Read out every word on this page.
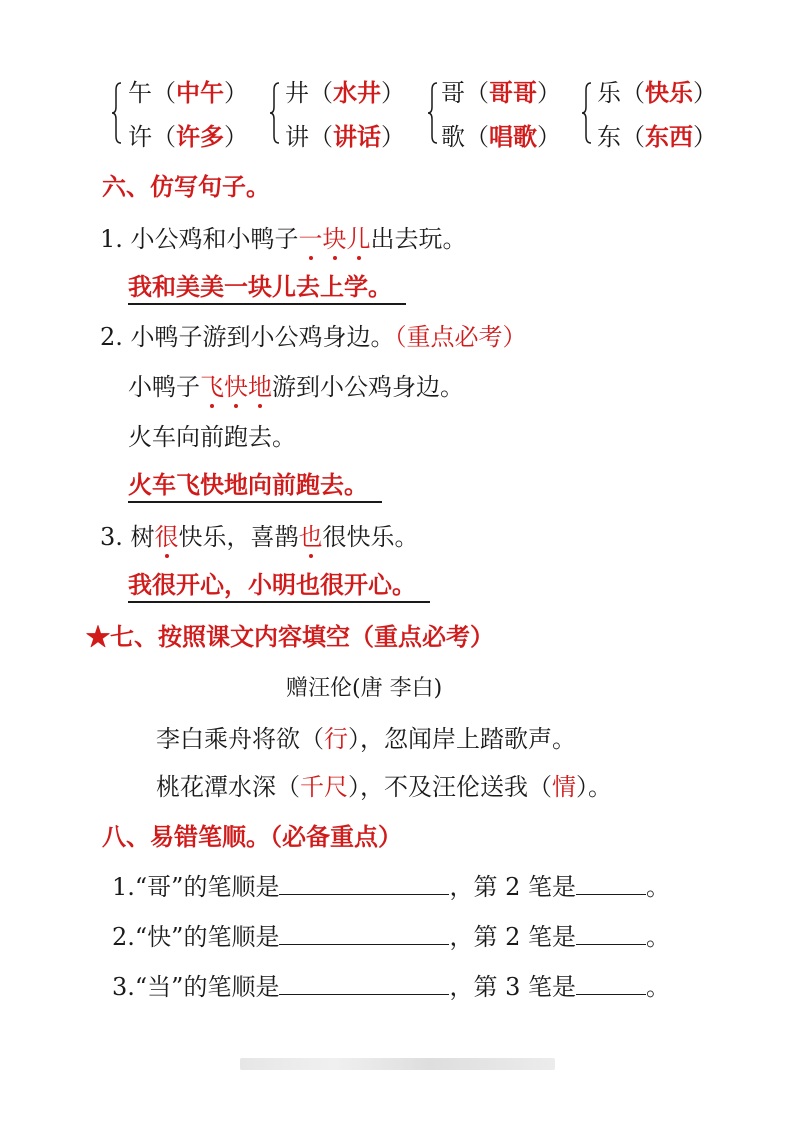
午（中午）
许（许多）
井（水井）
讲（讲话）
哥（哥哥）
歌（唱歌）
乐（快乐）
东（东西）
六、仿写句子。
1. 小公鸡和小鸭子一块儿出去玩。
我和美美一块儿去上学。
2. 小鸭子游到小公鸡身边。（重点必考）
小鸭子飞快地游到小公鸡身边。
火车向前跑去。
火车飞快地向前跑去。
3. 树很快乐，喜鹊也很快乐。
我很开心，小明也很开心。
★七、按照课文内容填空（重点必考）
赠汪伦(唐 李白)
李白乘舟将欲（行），忽闻岸上踏歌声。
桃花潭水深（千尺），不及汪伦送我（情）。
八、易错笔顺。（必备重点）
1.“哥”的笔顺是	，第 2 笔是	。
2.“快”的笔顺是	，第 2 笔是	。
3.“当”的笔顺是	，第 3 笔是	。
